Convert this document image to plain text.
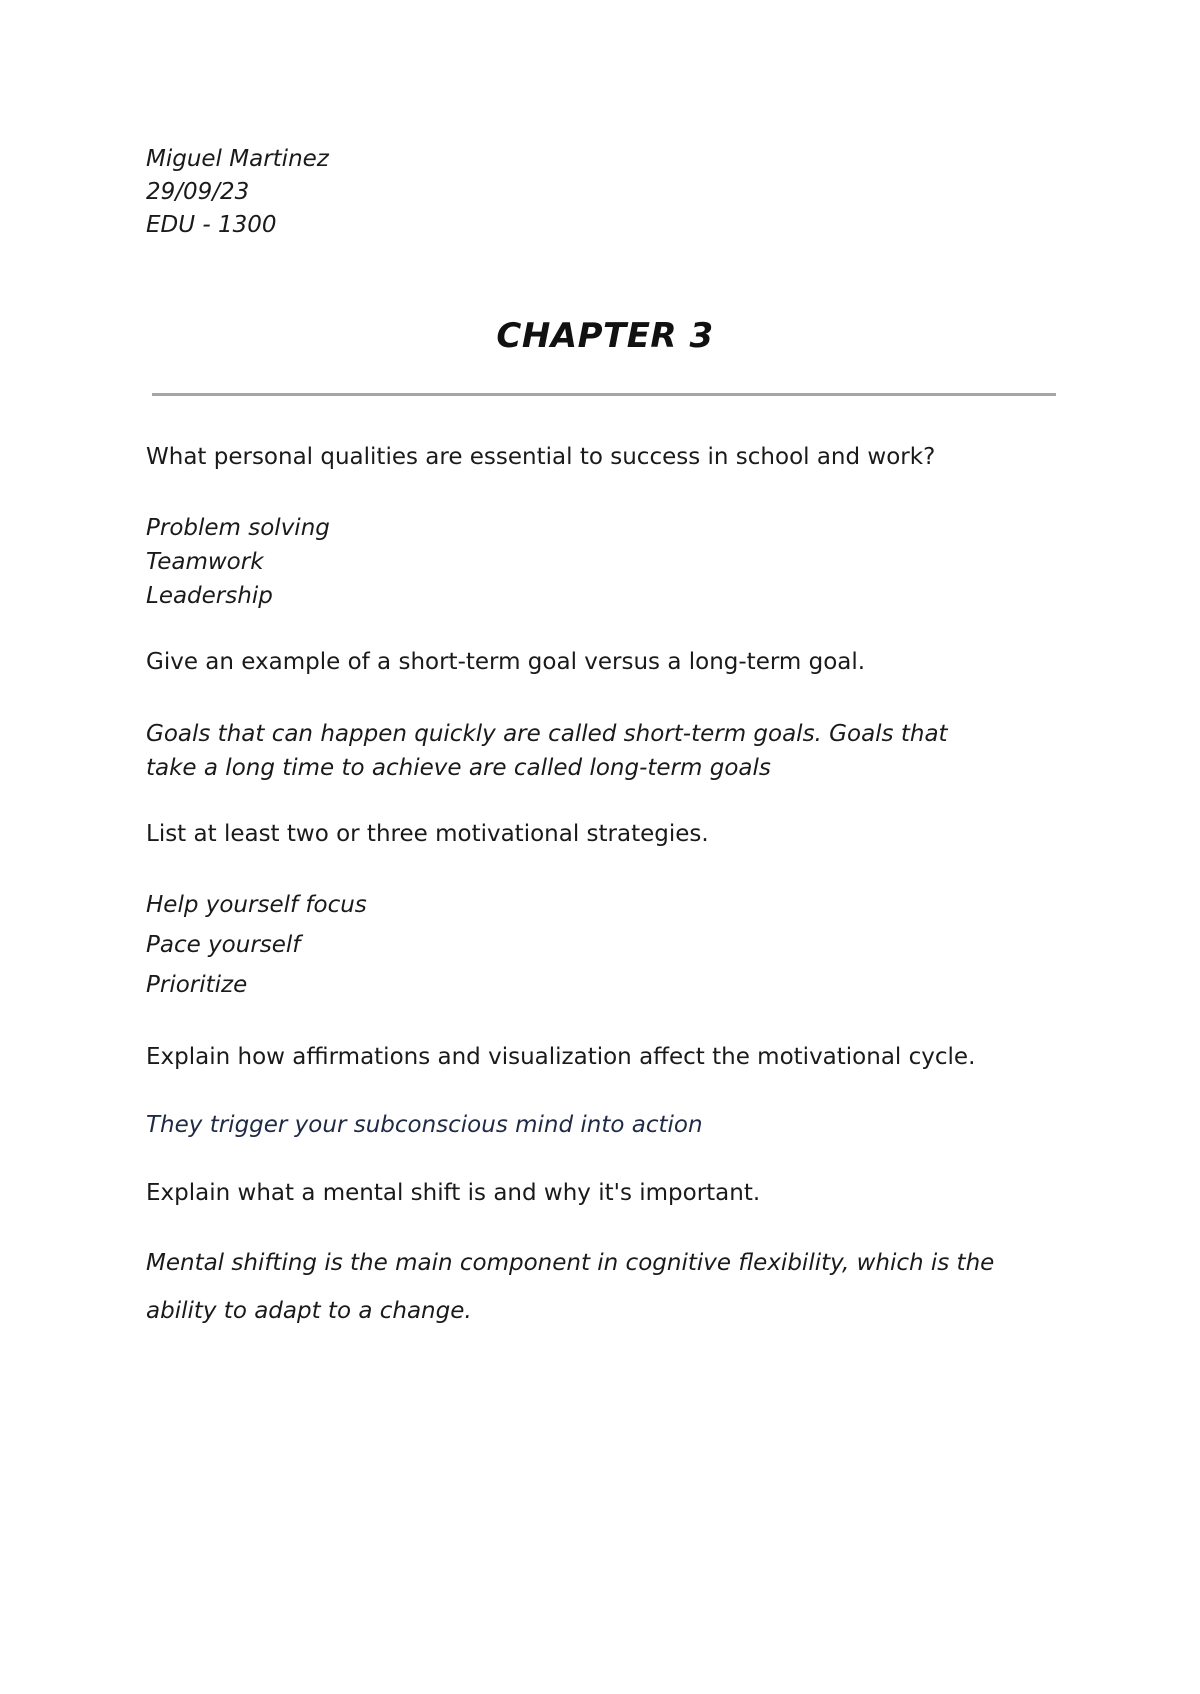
Miguel Martinez
29/09/23
EDU - 1300
CHAPTER 3
What personal qualities are essential to success in school and work?
Problem solving
Teamwork
Leadership
Give an example of a short-term goal versus a long-term goal.
Goals that can happen quickly are called short-term goals. Goals that
take a long time to achieve are called long-term goals
List at least two or three motivational strategies.
Help yourself focus
Pace yourself
Prioritize
Explain how affirmations and visualization affect the motivational cycle.
They trigger your subconscious mind into action
Explain what a mental shift is and why it's important.
Mental shifting is the main component in cognitive flexibility, which is the
ability to adapt to a change.
